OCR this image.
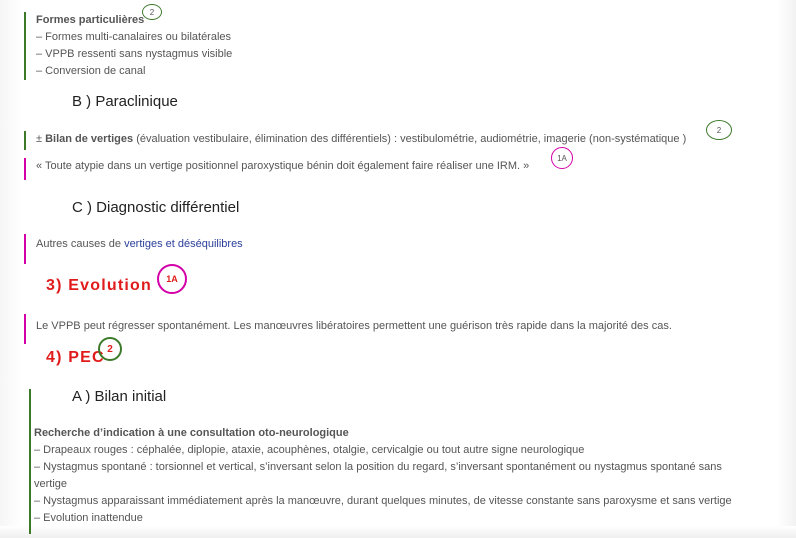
Formes particulières
– Formes multi-canalaires ou bilatérales
– VPPB ressenti sans nystagmus visible
– Conversion de canal
2
B ) Paraclinique
± Bilan de vertiges (évaluation vestibulaire, élimination des différentiels) : vestibulométrie, audiométrie, imagerie (non-systématique )
2
« Toute atypie dans un vertige positionnel paroxystique bénin doit également faire réaliser une IRM. »
1A
C ) Diagnostic différentiel
Autres causes de vertiges et déséquilibres
3) Evolution	1A
Le VPPB peut régresser spontanément. Les manœuvres libératoires permettent une guérison très rapide dans la majorité des cas.
4) PEC 2
A ) Bilan initial
Recherche d’indication à une consultation oto-neurologique
– Drapeaux rouges : céphalée, diplopie, ataxie, acouphènes, otalgie, cervicalgie ou tout autre signe neurologique
– Nystagmus spontané : torsionnel et vertical, s’inversant selon la position du regard, s’inversant spontanément ou nystagmus spontané sans
vertige
– Nystagmus apparaissant immédiatement après la manœuvre, durant quelques minutes, de vitesse constante sans paroxysme et sans vertige
– Evolution inattendue
